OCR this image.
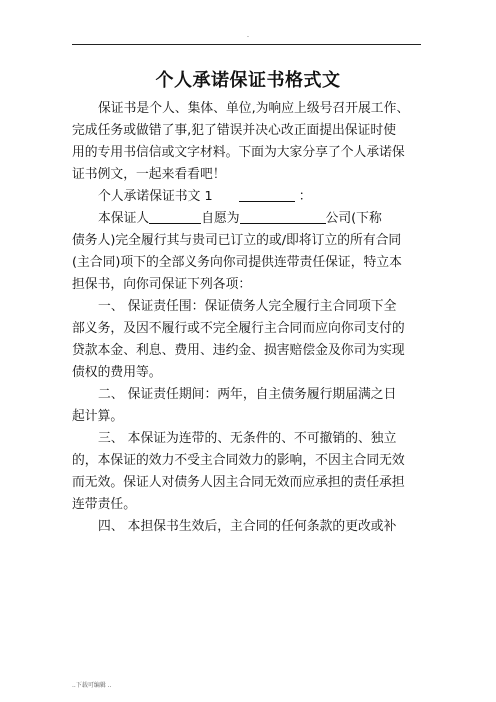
-
个人承诺保证书格式文
保证书是个人、集体、单位,为响应上级号召开展工作、
完成任务或做错了事,犯了错误并决心改正面提出保证时使
用的专用书信信或文字材料。下面为大家分享了个人承诺保
证书例文，一起来看看吧！
个人承诺保证书文 1	：
本保证人	自愿为	公司(下称
债务人)完全履行其与贵司已订立的或/即将订立的所有合同
(主合同)项下的全部义务向你司提供连带责任保证，特立本
担保书，向你司保证下列各项：
一、 保证责任围：保证债务人完全履行主合同项下全
部义务，及因不履行或不完全履行主合同而应向你司支付的
贷款本金、利息、费用、违约金、损害赔偿金及你司为实现
债权的费用等。
二、 保证责任期间：两年，自主债务履行期届满之日
起计算。
三、 本保证为连带的、无条件的、不可撤销的、独立
的，本保证的效力不受主合同效力的影响，不因主合同无效
而无效。保证人对债务人因主合同无效而应承担的责任承担
连带责任。
四、 本担保书生效后，主合同的任何条款的更改或补
..下载可编辑 ..
